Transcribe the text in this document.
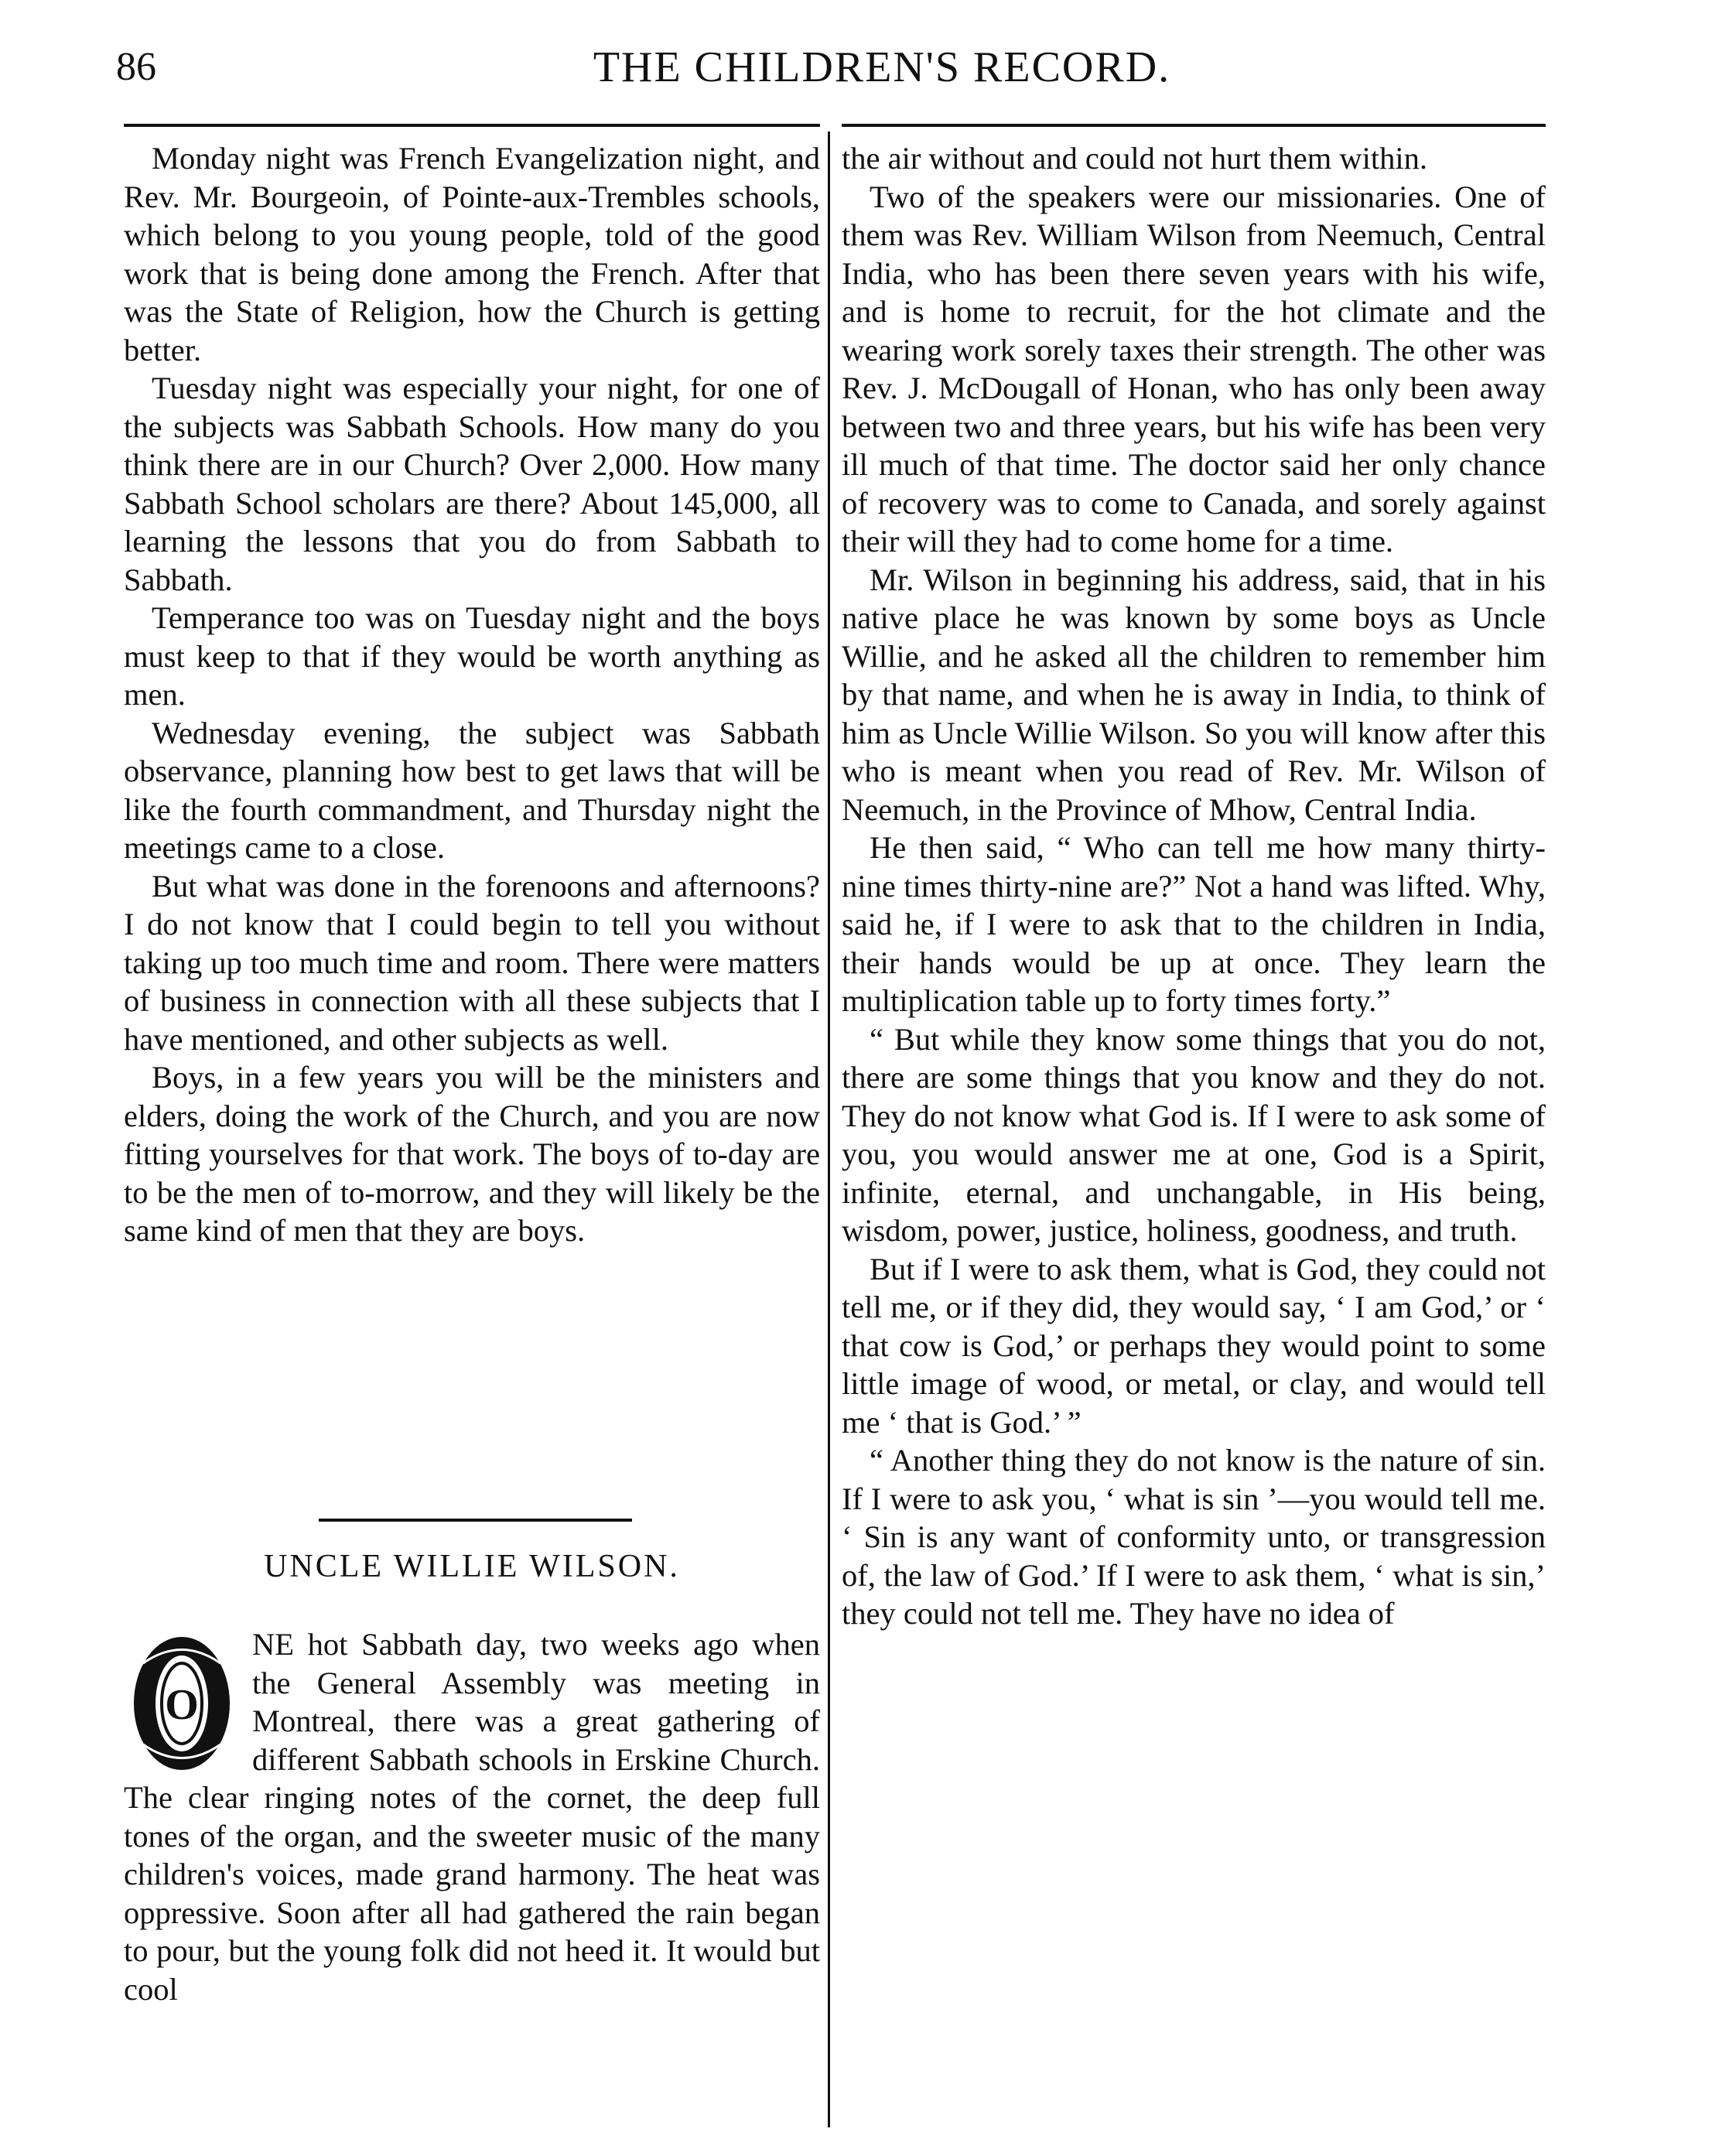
86	THE CHILDREN'S RECORD.

Monday night was French Evangelization night, and Rev. Mr. Bourgeoin, of Pointe-aux-Trembles schools, which belong to you young people, told of the good work that is being done among the French. After that was the State of Religion, how the Church is getting better.

Tuesday night was especially your night, for one of the subjects was Sabbath Schools. How many do you think there are in our Church? Over 2,000. How many Sabbath School scholars are there? About 145,000, all learning the lessons that you do from Sabbath to Sabbath.

Temperance too was on Tuesday night and the boys must keep to that if they would be worth anything as men.

Wednesday evening, the subject was Sabbath observance, planning how best to get laws that will be like the fourth commandment, and Thursday night the meetings came to a close.

But what was done in the forenoons and afternoons? I do not know that I could begin to tell you without taking up too much time and room. There were matters of business in connection with all these subjects that I have mentioned, and other subjects as well.

Boys, in a few years you will be the ministers and elders, doing the work of the Church, and you are now fitting yourselves for that work. The boys of to-day are to be the men of to-morrow, and they will likely be the same kind of men that they are boys.

UNCLE WILLIE WILSON.

O
NE hot Sabbath day, two weeks ago when the General Assembly was meeting in Montreal, there was a great gathering of different Sabbath schools in Erskine Church. The clear ringing notes of the cornet, the deep full tones of the organ, and the sweeter music of the many children's voices, made grand harmony. The heat was oppressive. Soon after all had gathered the rain began to pour, but the young folk did not heed it. It would but cool

the air without and could not hurt them within.

Two of the speakers were our missionaries. One of them was Rev. William Wilson from Neemuch, Central India, who has been there seven years with his wife, and is home to recruit, for the hot climate and the wearing work sorely taxes their strength. The other was Rev. J. McDougall of Honan, who has only been away between two and three years, but his wife has been very ill much of that time. The doctor said her only chance of recovery was to come to Canada, and sorely against their will they had to come home for a time.

Mr. Wilson in beginning his address, said, that in his native place he was known by some boys as Uncle Willie, and he asked all the children to remember him by that name, and when he is away in India, to think of him as Uncle Willie Wilson. So you will know after this who is meant when you read of Rev. Mr. Wilson of Neemuch, in the Province of Mhow, Central India.

He then said, “ Who can tell me how many thirty-nine times thirty-nine are?” Not a hand was lifted. Why, said he, if I were to ask that to the children in India, their hands would be up at once. They learn the multiplication table up to forty times forty.”

“ But while they know some things that you do not, there are some things that you know and they do not. They do not know what God is. If I were to ask some of you, you would answer me at one, God is a Spirit, infinite, eternal, and unchangable, in His being, wisdom, power, justice, holiness, goodness, and truth.

But if I were to ask them, what is God, they could not tell me, or if they did, they would say, ‘ I am God,’ or ‘ that cow is God,’ or perhaps they would point to some little image of wood, or metal, or clay, and would tell me ‘ that is God.’ ”

“ Another thing they do not know is the nature of sin. If I were to ask you, ‘ what is sin ’—you would tell me. ‘ Sin is any want of conformity unto, or transgression of, the law of God.’ If I were to ask them, ‘ what is sin,’ they could not tell me. They have no idea of
